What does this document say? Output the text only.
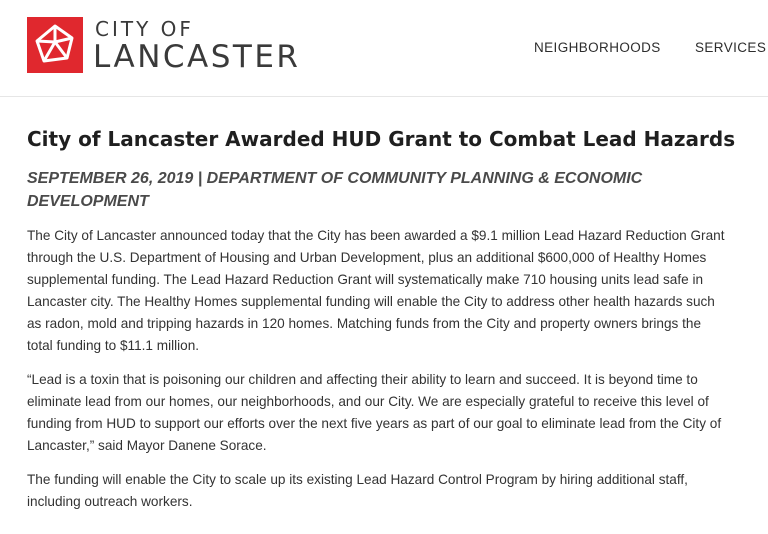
CITY OF
LANCASTER	NEIGHBORHOODS	SERVICES
City of Lancaster Awarded HUD Grant to Combat Lead Hazards
SEPTEMBER 26, 2019 | DEPARTMENT OF COMMUNITY PLANNING & ECONOMIC DEVELOPMENT

The City of Lancaster announced today that the City has been awarded a $9.1 million Lead Hazard Reduction Grant through the U.S. Department of Housing and Urban Development, plus an additional $600,000 of Healthy Homes supplemental funding. The Lead Hazard Reduction Grant will systematically make 710 housing units lead safe in Lancaster city. The Healthy Homes supplemental funding will enable the City to address other health hazards such as radon, mold and tripping hazards in 120 homes. Matching funds from the City and property owners brings the total funding to $11.1 million.

“Lead is a toxin that is poisoning our children and affecting their ability to learn and succeed. It is beyond time to eliminate lead from our homes, our neighborhoods, and our City. We are especially grateful to receive this level of funding from HUD to support our efforts over the next five years as part of our goal to eliminate lead from the City of Lancaster,” said Mayor Danene Sorace.

The funding will enable the City to scale up its existing Lead Hazard Control Program by hiring additional staff, including outreach workers.
